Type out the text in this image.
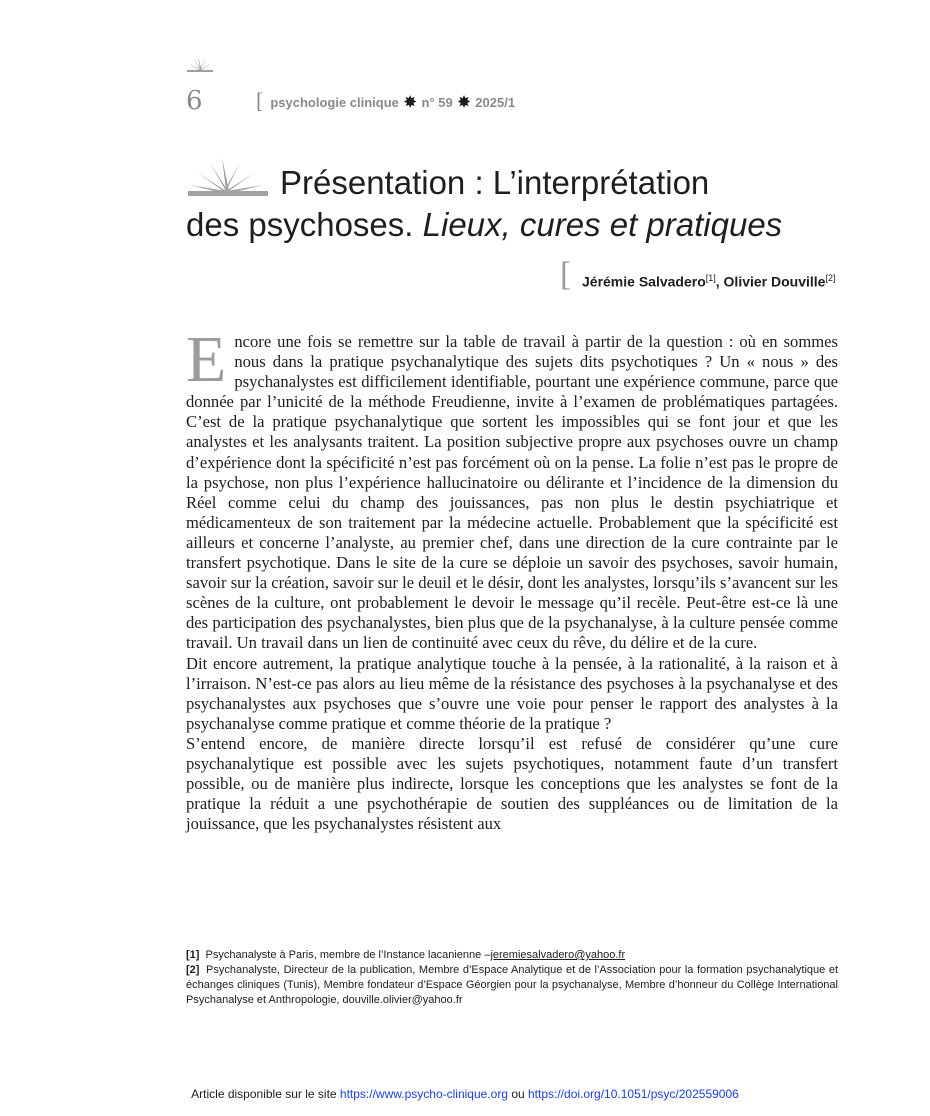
6 [ psychologie clinique ✸ n° 59 ✸ 2025/1
Présentation : L’interprétation
des psychoses. Lieux, cures et pratiques
[ Jérémie Salvadero[1], Olivier Douville[2]

Encore une fois se remettre sur la table de travail à partir de la question : où en sommes nous dans la pratique psychanalytique des sujets dits psychotiques ? Un « nous » des psychanalystes est difficilement identifiable, pourtant une expérience commune, parce que donnée par l’unicité de la méthode Freudienne, invite à l’examen de problématiques partagées. C’est de la pratique psychanalytique que sortent les impossibles qui se font jour et que les analystes et les analysants traitent. La position subjective propre aux psychoses ouvre un champ d’expérience dont la spécificité n’est pas forcément où on la pense. La folie n’est pas le propre de la psychose, non plus l’expérience hallucinatoire ou délirante et l’incidence de la dimension du Réel comme celui du champ des jouissances, pas non plus le destin psychiatrique et médicamenteux de son traitement par la médecine actuelle. Probablement que la spécificité est ailleurs et concerne l’analyste, au premier chef, dans une direction de la cure contrainte par le transfert psychotique. Dans le site de la cure se déploie un savoir des psychoses, savoir humain, savoir sur la création, savoir sur le deuil et le désir, dont les analystes, lorsqu’ils s’avancent sur les scènes de la culture, ont probablement le devoir le message qu’il recèle. Peut-être est-ce là une des participation des psychanalystes, bien plus que de la psychanalyse, à la culture pensée comme travail. Un travail dans un lien de continuité avec ceux du rêve, du délire et de la cure.

Dit encore autrement, la pratique analytique touche à la pensée, à la rationalité, à la raison et à l’irraison. N’est-ce pas alors au lieu même de la résistance des psychoses à la psychanalyse et des psychanalystes aux psychoses que s’ouvre une voie pour penser le rapport des analystes à la psychanalyse comme pratique et comme théorie de la pratique ?

S’entend encore, de manière directe lorsqu’il est refusé de considérer qu’une cure psychanalytique est possible avec les sujets psychotiques, notamment faute d’un transfert possible, ou de manière plus indirecte, lorsque les conceptions que les analystes se font de la pratique la réduit a une psychothérapie de soutien des suppléances ou de limitation de la jouissance, que les psychanalystes résistent aux

[1] Psychanalyste à Paris, membre de l’Instance lacanienne –jeremiesalvadero@yahoo.fr

[2] Psychanalyste, Directeur de la publication, Membre d’Espace Analytique et de l’Association pour la formation psychanalytique et échanges cliniques (Tunis), Membre fondateur d’Espace Géorgien pour la psychanalyse, Membre d’honneur du Collège International Psychanalyse et Anthropologie, douville.olivier@yahoo.fr

Article disponible sur le site https://www.psycho-clinique.org ou https://doi.org/10.1051/psyc/202559006
